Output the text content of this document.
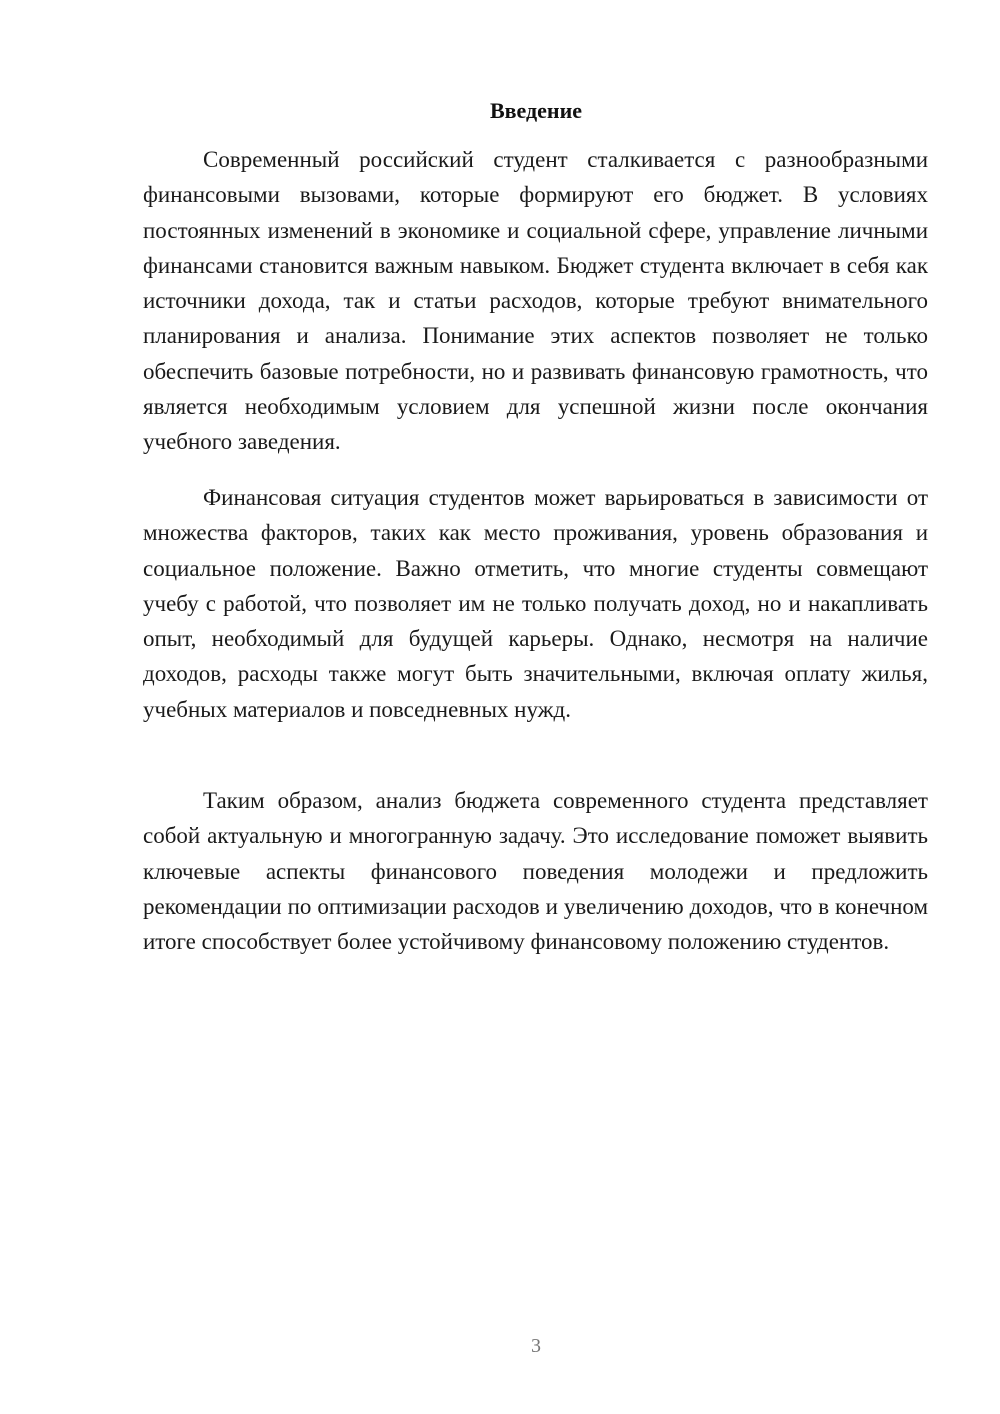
Введение

Современный российский студент сталкивается с разнообразными финансовыми вызовами, которые формируют его бюджет. В условиях постоянных изменений в экономике и социальной сфере, управление личными финансами становится важным навыком. Бюджет студента включает в себя как источники дохода, так и статьи расходов, которые требуют внимательного планирования и анализа. Понимание этих аспектов позволяет не только обеспечить базовые потребности, но и развивать финансовую грамотность, что является необходимым условием для успешной жизни после окончания учебного заведения.

Финансовая ситуация студентов может варьироваться в зависимости от множества факторов, таких как место проживания, уровень образования и социальное положение. Важно отметить, что многие студенты совмещают учебу с работой, что позволяет им не только получать доход, но и накапливать опыт, необходимый для будущей карьеры. Однако, несмотря на наличие доходов, расходы также могут быть значительными, включая оплату жилья, учебных материалов и повседневных нужд.

Таким образом, анализ бюджета современного студента представляет собой актуальную и многогранную задачу. Это исследование поможет выявить ключевые аспекты финансового поведения молодежи и предложить рекомендации по оптимизации расходов и увеличению доходов, что в конечном итоге способствует более устойчивому финансовому положению студентов.

3
